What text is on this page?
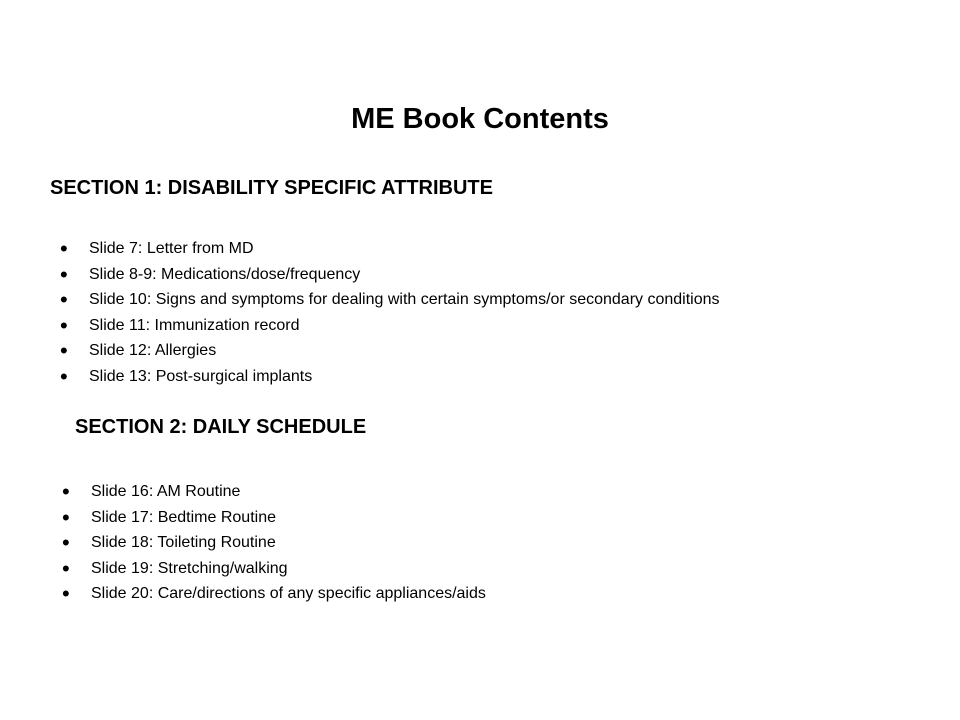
ME Book Contents
SECTION 1: DISABILITY SPECIFIC ATTRIBUTE
• Slide 7: Letter from MD
• Slide 8-9: Medications/dose/frequency
• Slide 10: Signs and symptoms for dealing with certain symptoms/or secondary conditions
• Slide 11: Immunization record
• Slide 12: Allergies
• Slide 13: Post-surgical implants
SECTION 2: DAILY SCHEDULE
• Slide 16: AM Routine
• Slide 17: Bedtime Routine
• Slide 18: Toileting Routine
• Slide 19: Stretching/walking
• Slide 20: Care/directions of any specific appliances/aids
